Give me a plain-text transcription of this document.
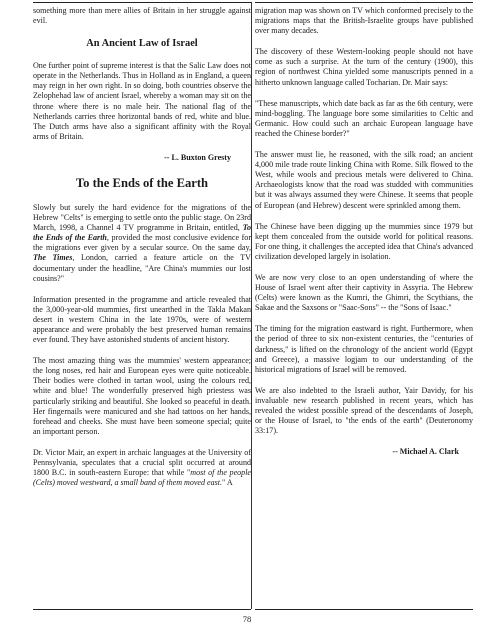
something more than mere allies of Britain in her struggle against evil.

An Ancient Law of Israel

One further point of supreme interest is that the Salic Law does not operate in the Netherlands. Thus in Holland as in England, a queen may reign in her own right. In so doing, both countries observe the Zelophehad law of ancient Israel, whereby a woman may sit on the throne where there is no male heir. The national flag of the Netherlands carries three horizontal bands of red, white and blue. The Dutch arms have also a significant affinity with the Royal arms of Britain.

-- L. Buxton Gresty
To the Ends of the Earth

Slowly but surely the hard evidence for the migrations of the Hebrew "Celts" is emerging to settle onto the public stage. On 23rd March, 1998, a Channel 4 TV programme in Britain, entitled, To the Ends of the Earth, provided the most conclusive evidence for the migrations ever given by a secular source. On the same day, The Times, London, carried a feature article on the TV documentary under the headline, "Are China's mummies our lost cousins?"

Information presented in the programme and article revealed that the 3,000-year-old mummies, first unearthed in the Takla Makan desert in western China in the late 1970s, were of western appearance and were probably the best preserved human remains ever found. They have astonished students of ancient history.

The most amazing thing was the mummies' western appearance; the long noses, red hair and European eyes were quite noticeable. Their bodies were clothed in tartan wool, using the colours red, white and blue! The wonderfully preserved high priestess was particularly striking and beautiful. She looked so peaceful in death. Her fingernails were manicured and she had tattoos on her hands, forehead and cheeks. She must have been someone special; quite an important person.

Dr. Victor Mair, an expert in archaic languages at the University of Pennsylvania, speculates that a crucial split occurred at around 1800 B.C. in south-eastern Europe: that while "most of the people (Celts) moved westward, a small band of them moved east." A

migration map was shown on TV which conformed precisely to the migrations maps that the British-Israelite groups have published over many decades.

The discovery of these Western-looking people should not have come as such a surprise. At the turn of the century (1900), this region of northwest China yielded some manuscripts penned in a hitherto unknown language called Tocharian. Dr. Mair says:

"These manuscripts, which date back as far as the 6th century, were mind-boggling. The language bore some similarities to Celtic and Germanic. How could such an archaic European language have reached the Chinese border?"

The answer must lie, he reasoned, with the silk road; an ancient 4,000 mile trade route linking China with Rome. Silk flowed to the West, while wools and precious metals were delivered to China. Archaeologists know that the road was studded with communities but it was always assumed they were Chinese. It seems that people of European (and Hebrew) descent were sprinkled among them.

The Chinese have been digging up the mummies since 1979 but kept them concealed from the outside world for political reasons. For one thing, it challenges the accepted idea that China's advanced civilization developed largely in isolation.

We are now very close to an open understanding of where the House of Israel went after their captivity in Assyria. The Hebrew (Celts) were known as the Kumri, the Ghimri, the Scythians, the Sakae and the Saxsons or "Saac-Sons" -- the "Sons of Isaac."

The timing for the migration eastward is right. Furthermore, when the period of three to six non-existent centuries, the "centuries of darkness," is lifted on the chronology of the ancient world (Egypt and Greece), a massive logjam to our understanding of the historical migrations of Israel will be removed.

We are also indebted to the Israeli author, Yair Davidy, for his invaluable new research published in recent years, which has revealed the widest possible spread of the descendants of Joseph, or the House of Israel, to "the ends of the earth" (Deuteronomy 33:17).

-- Michael A. Clark
78
